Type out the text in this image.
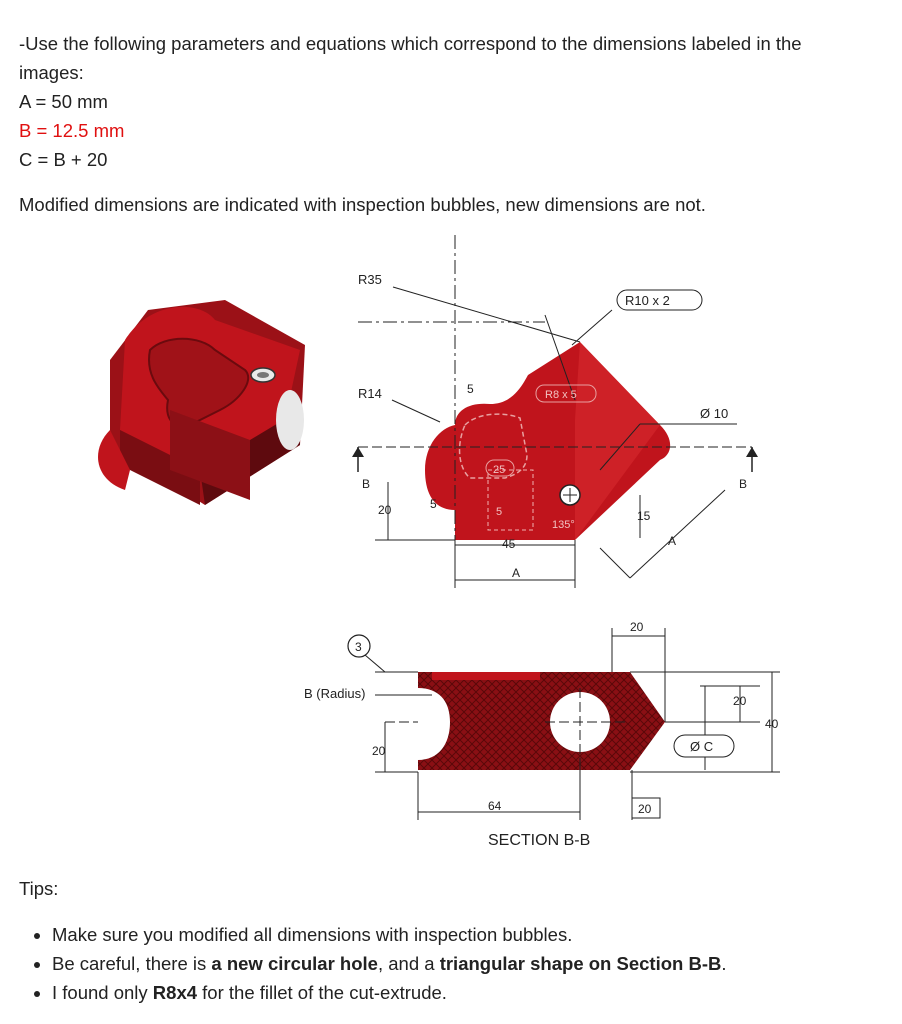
-Use the following parameters and equations which correspond to the dimensions labeled in the

images:

A = 50 mm

B = 12.5 mm

C = B + 20

Modified dimensions are indicated with inspection bubbles, new dimensions are not.

R35
R10 x 2
R14	5	R8 x 5
Ø 10
25
B	B
20	5
5
135°
15
A
45
A
3
B (Radius)
20
20
20
40
Ø C
64	20
SECTION B-B

Tips:

• Make sure you modified all dimensions with inspection bubbles.
• Be careful, there is a new circular hole, and a triangular shape on Section B-B.
• I found only R8x4 for the fillet of the cut-extrude.
